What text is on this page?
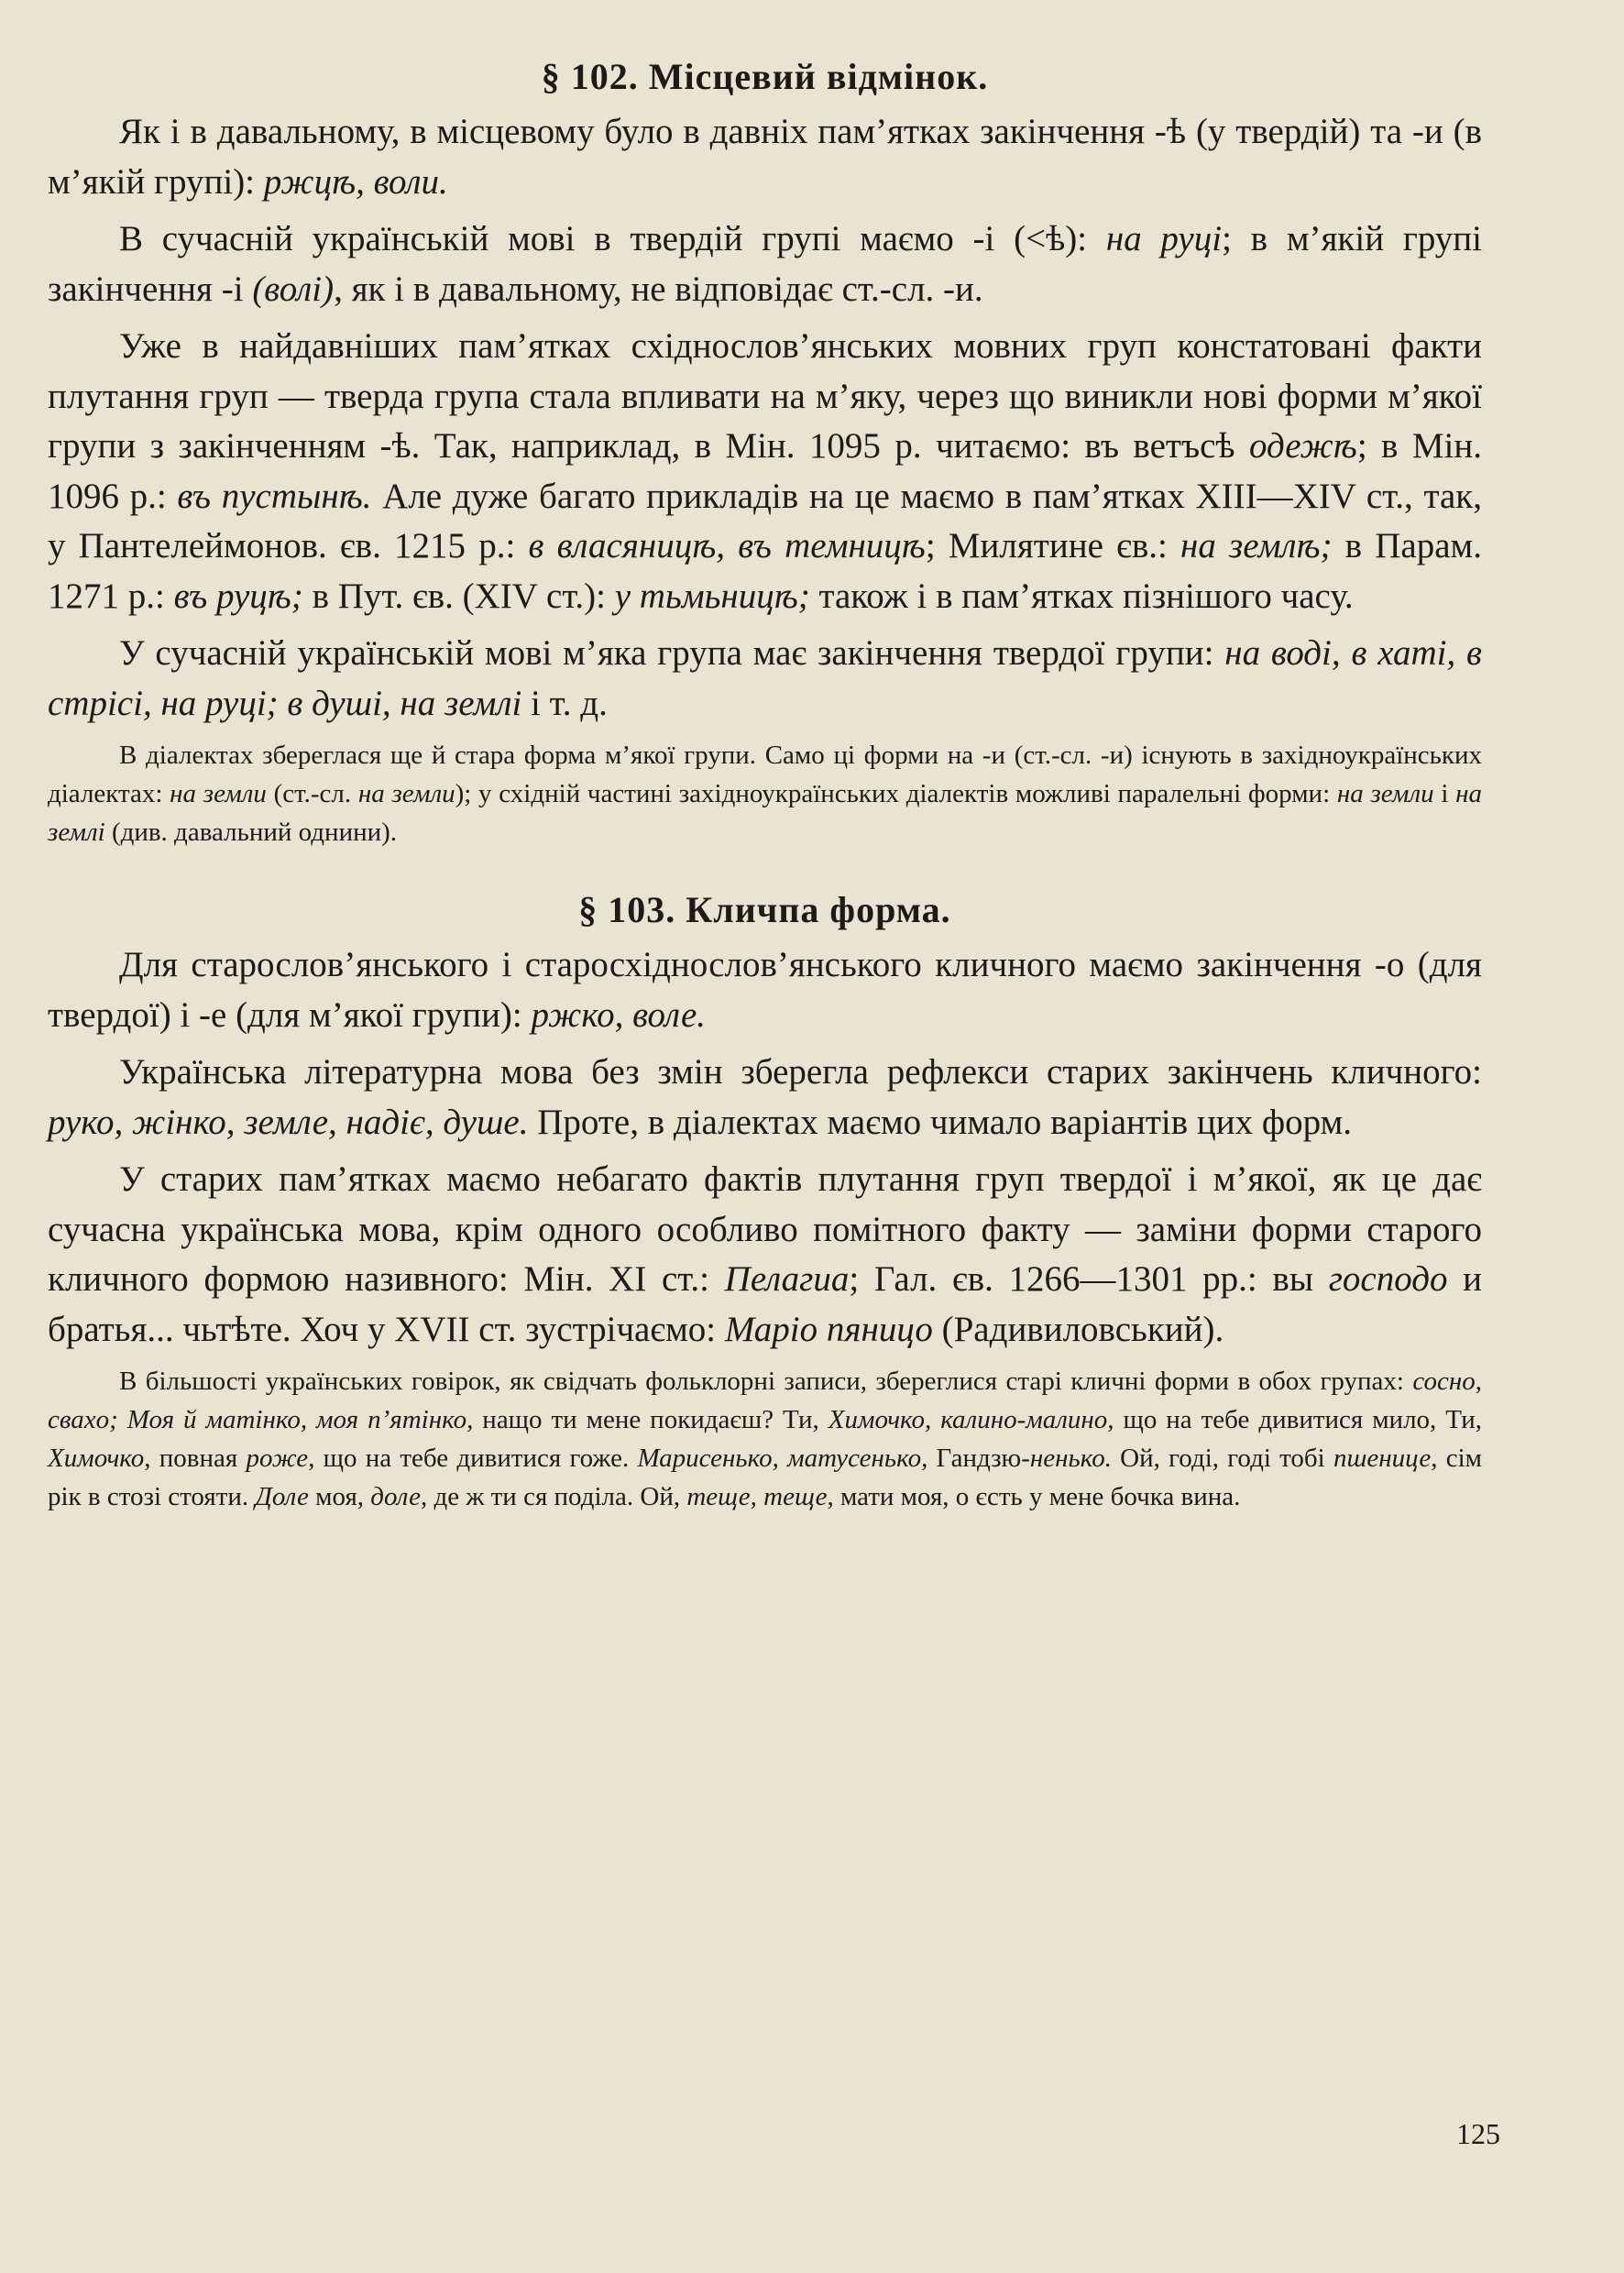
§ 102. Місцевий відмінок.

Як і в давальному, в місцевому було в давніх пам’ятках закінчення -ѣ (у твердій) та -и (в м’якій групі): ржцѣ, воли.

В сучасній українській мові в твердій групі маємо -і (<ѣ): на руці; в м’якій групі закінчення -і (волі), як і в давальному, не відповідає ст.-сл. -и.

Уже в найдавніших пам’ятках східнослов’янських мовних груп констатовані факти плутання груп — тверда група стала впливати на м’яку, через що виникли нові форми м’якої групи з закінченням -ѣ. Так, наприклад, в Мін. 1095 р. читаємо: въ ветъсѣ одежѣ; в Мін. 1096 р.: въ пустынѣ. Але дуже багато прикладів на це маємо в пам’ятках XIII—XIV ст., так, у Пантелеймонов. єв. 1215 р.: в власяницѣ, въ темницѣ; Милятине єв.: на землѣ; в Парам. 1271 р.: въ руцѣ; в Пут. єв. (XIV ст.): у тьмьницѣ; також і в пам’ятках пізнішого часу.

У сучасній українській мові м’яка група має закінчення твердої групи: на воді, в хаті, в стрісі, на руці; в душі, на землі і т. д.

В діалектах збереглася ще й стара форма м’якої групи. Само ці форми на -и (ст.-сл. -и) існують в західноукраїнських діалектах: на земли (ст.-сл. на земли); у східній частині західноукраїнських діалектів можливі паралельні форми: на земли і на землі (див. давальний однини).

§ 103. Кличпа форма.

Для старослов’янського і старосхіднослов’янського кличного маємо закінчення -о (для твердої) і -е (для м’якої групи): ржко, воле.

Українська літературна мова без змін зберегла рефлекси старих закінчень кличного: руко, жінко, земле, надіє, душе. Проте, в діалектах маємо чимало варіантів цих форм.

У старих пам’ятках маємо небагато фактів плутання груп твердої і м’якої, як це дає сучасна українська мова, крім одного особливо помітного факту — заміни форми старого кличного формою називного: Мін. XI ст.: Пелагиа; Гал. єв. 1266—1301 рр.: вы господо и братья... чьтѣте. Хоч у XVII ст. зустрічаємо: Маріо пяницо (Радивиловський).

В більшості українських говірок, як свідчать фольклорні записи, збереглися старі кличні форми в обох групах: сосно, сваxо; Моя й матінко, моя п’ятінко, нащо ти мене покидаєш? Ти, Химочко, калино-малино, що на тебе дивитися мило, Ти, Химочко, повная роже, що на тебе дивитися гоже. Марисенько, матусенько, Гандзю-ненько. Ой, годі, годі тобі пшенице, сім рік в стозі стояти. Доле моя, доле, де ж ти ся поділа. Ой, теще, теще, мати моя, о єсть у мене бочка вина.

125
